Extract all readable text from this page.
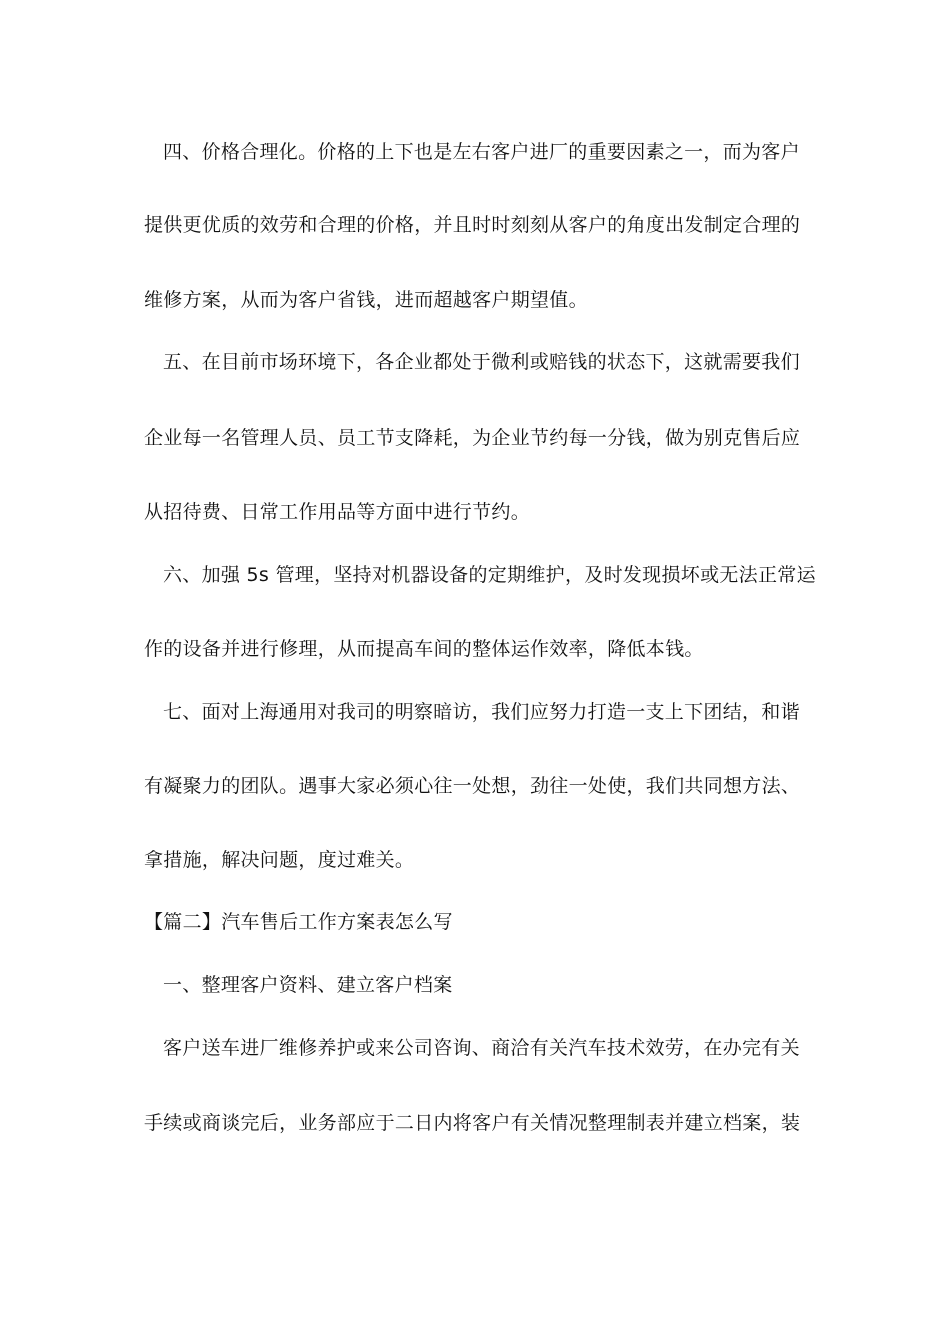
四、价格合理化。价格的上下也是左右客户进厂的重要因素之一，而为客户
提供更优质的效劳和合理的价格，并且时时刻刻从客户的角度出发制定合理的
维修方案，从而为客户省钱，进而超越客户期望值。
五、在目前市场环境下，各企业都处于微利或赔钱的状态下，这就需要我们
企业每一名管理人员、员工节支降耗，为企业节约每一分钱，做为别克售后应
从招待费、日常工作用品等方面中进行节约。
六、加强 5s 管理，坚持对机器设备的定期维护，及时发现损坏或无法正常运
作的设备并进行修理，从而提高车间的整体运作效率，降低本钱。
七、面对上海通用对我司的明察暗访，我们应努力打造一支上下团结，和谐
有凝聚力的团队。遇事大家必须心往一处想，劲往一处使，我们共同想方法、
拿措施，解决问题，度过难关。
【篇二】汽车售后工作方案表怎么写
一、整理客户资料、建立客户档案
客户送车进厂维修养护或来公司咨询、商洽有关汽车技术效劳，在办完有关
手续或商谈完后，业务部应于二日内将客户有关情况整理制表并建立档案，装
